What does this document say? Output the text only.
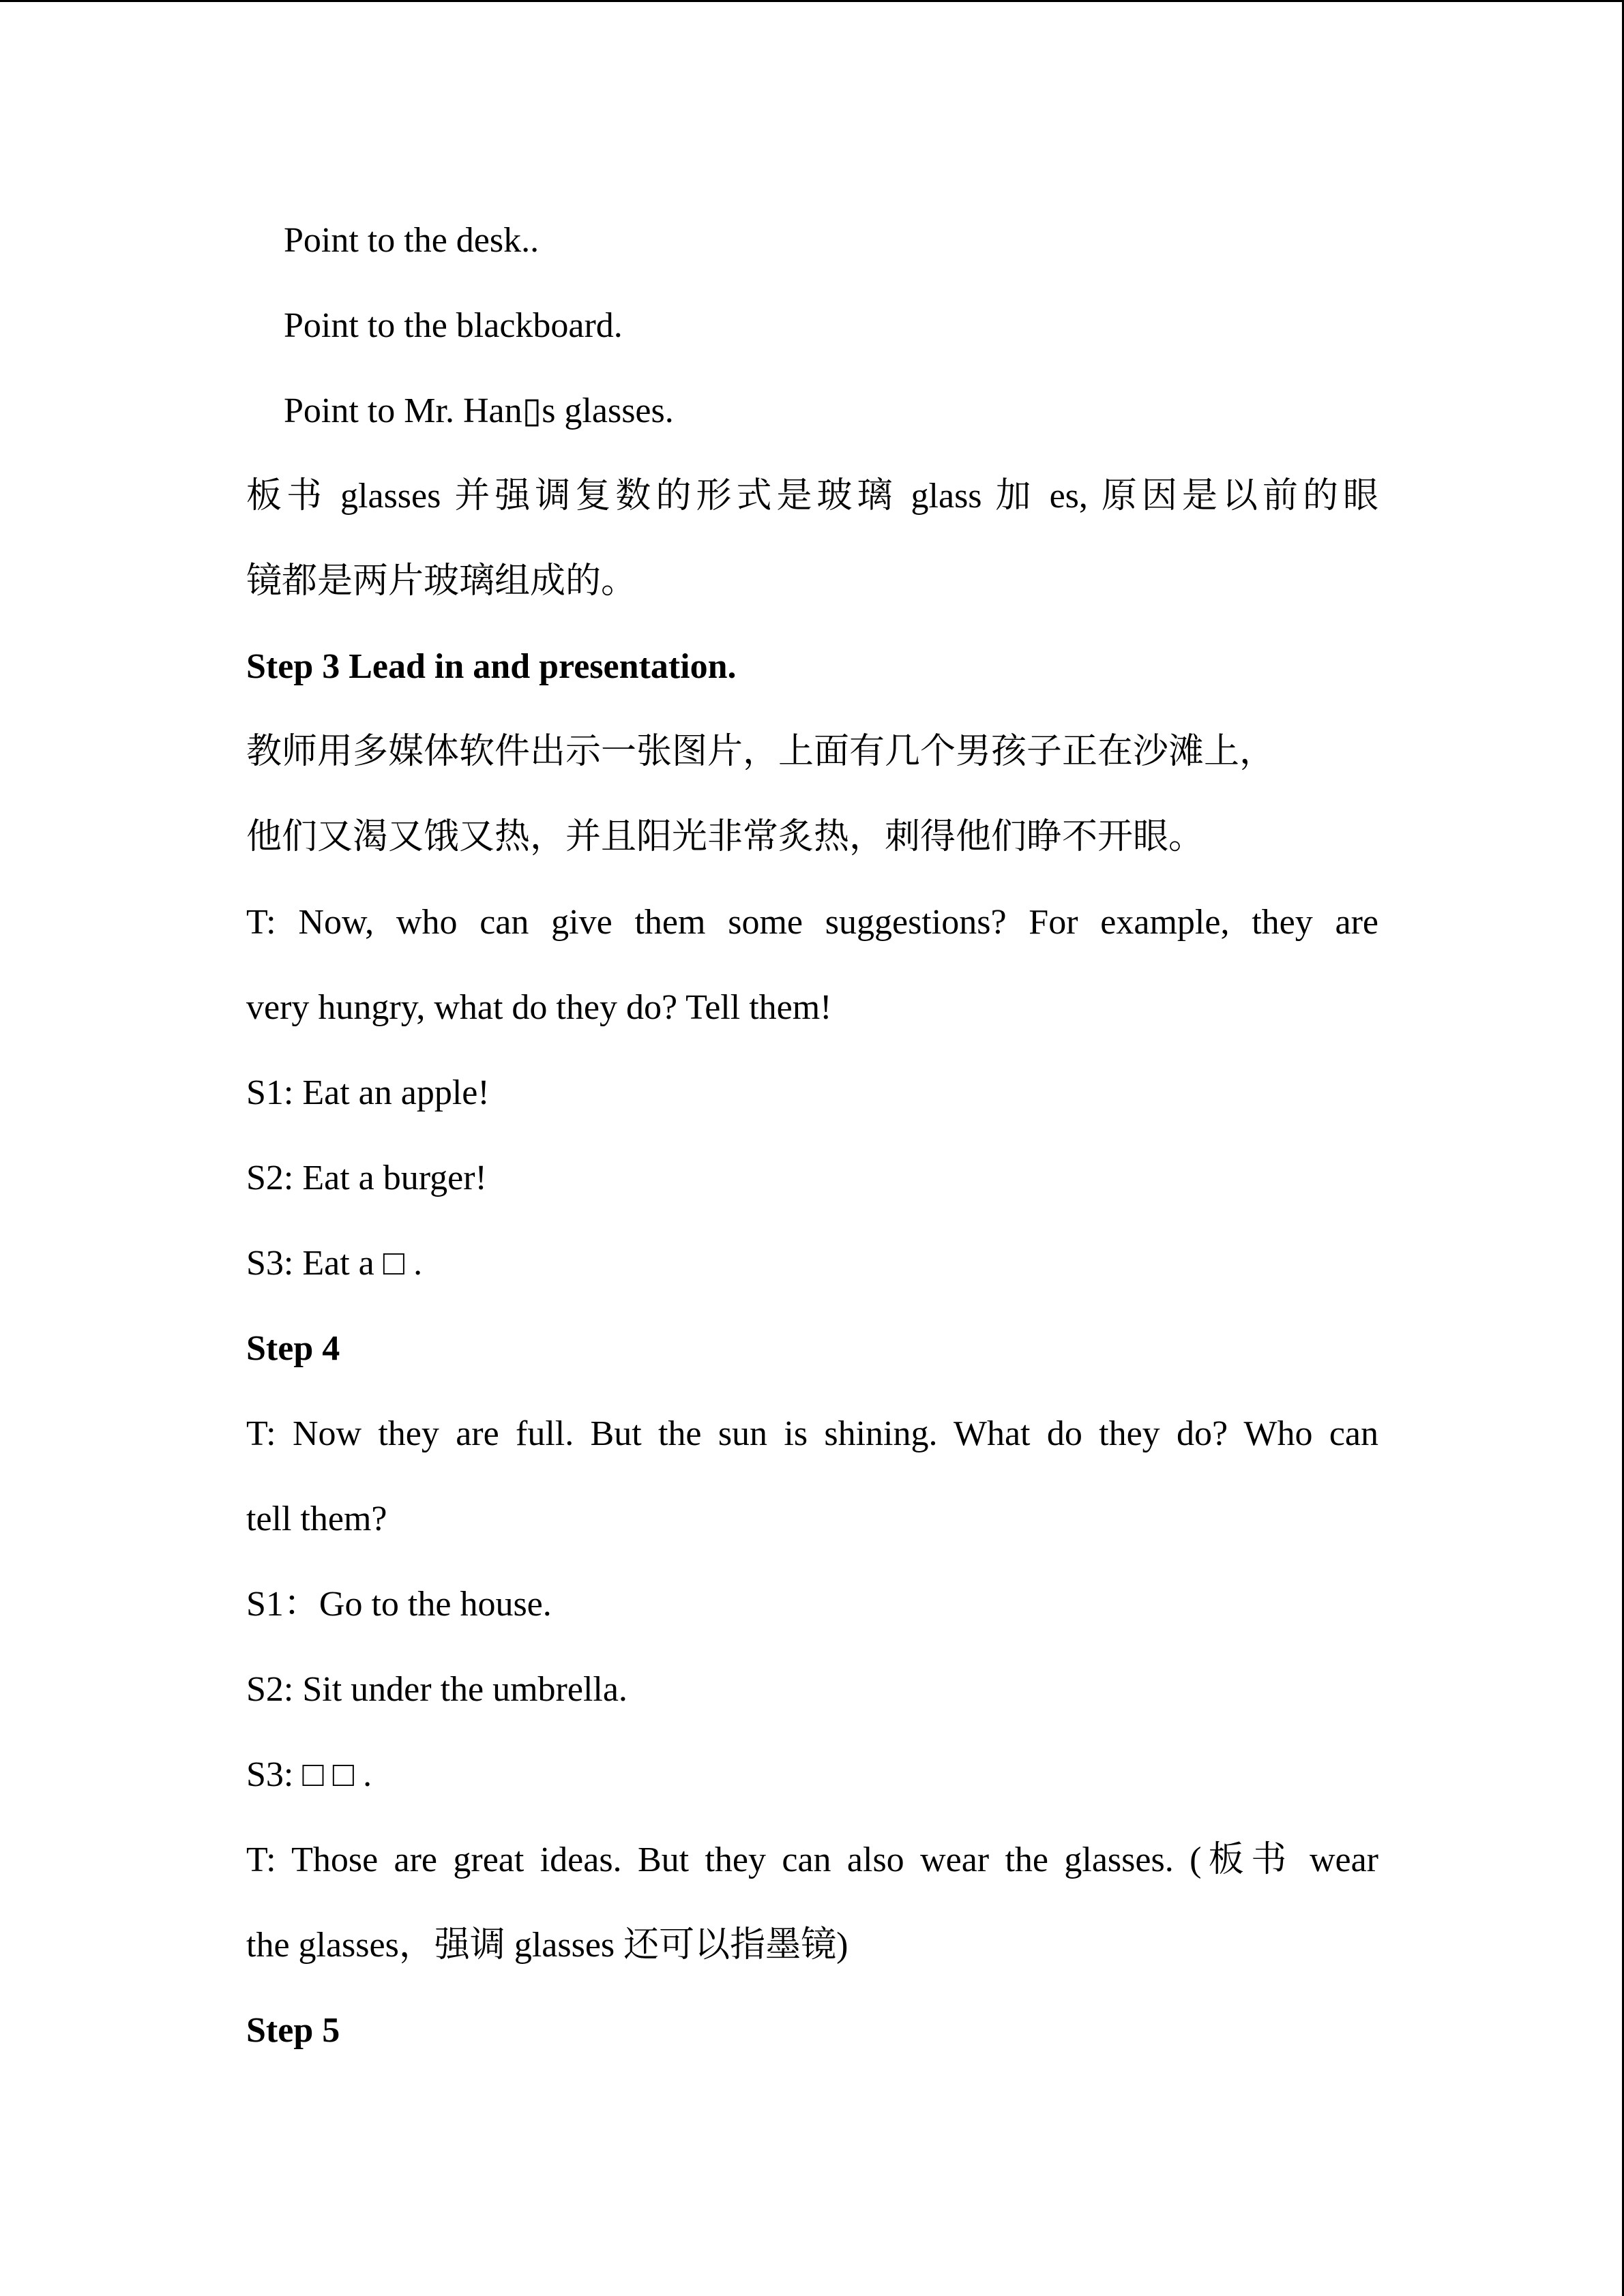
Point to the desk..
Point to the blackboard.
Point to Mr. Han▯s glasses.
板书 glasses 并强调复数的形式是玻璃 glass 加 es, 原因是以前的眼
镜都是两片玻璃组成的。
Step 3 Lead in and presentation.
教师用多媒体软件出示一张图片，上面有几个男孩子正在沙滩上，
他们又渴又饿又热，并且阳光非常炙热，刺得他们睁不开眼。
T: Now, who can give them some suggestions? For example, they are
very hungry, what do they do? Tell them!
S1: Eat an apple!
S2: Eat a burger!
S3: Eat a □ .
Step 4
T: Now they are full. But the sun is shining. What do they do? Who can
tell them?
S1：Go to the house.
S2: Sit under the umbrella.
S3: □ □ .
T: Those are great ideas. But they can also wear the glasses. (板书 wear
the glasses，强调 glasses 还可以指墨镜)
Step 5
